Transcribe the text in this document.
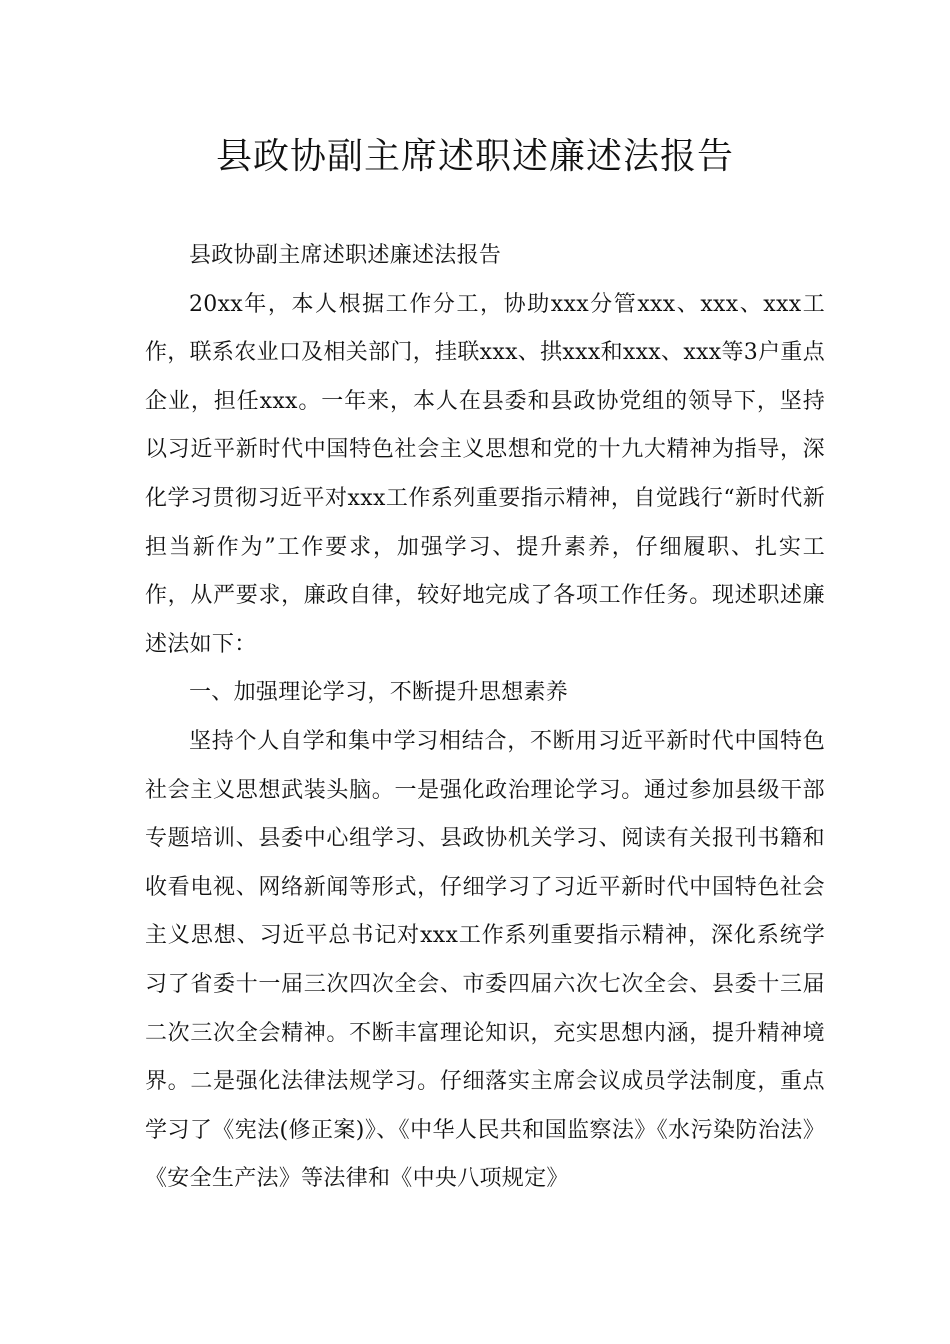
县政协副主席述职述廉述法报告

县政协副主席述职述廉述法报告

20xx年，本人根据工作分工，协助xxx分管xxx、xxx、xxx工作，联系农业口及相关部门，挂联xxx、拱xxx和xxx、xxx等3户重点企业，担任xxx。一年来，本人在县委和县政协党组的领导下，坚持以习近平新时代中国特色社会主义思想和党的十九大精神为指导，深化学习贯彻习近平对xxx工作系列重要指示精神，自觉践行“新时代新担当新作为”工作要求，加强学习、提升素养，仔细履职、扎实工作，从严要求，廉政自律，较好地完成了各项工作任务。现述职述廉述法如下：

一、加强理论学习，不断提升思想素养

坚持个人自学和集中学习相结合，不断用习近平新时代中国特色社会主义思想武装头脑。一是强化政治理论学习。通过参加县级干部专题培训、县委中心组学习、县政协机关学习、阅读有关报刊书籍和收看电视、网络新闻等形式，仔细学习了习近平新时代中国特色社会主义思想、习近平总书记对xxx工作系列重要指示精神，深化系统学习了省委十一届三次四次全会、市委四届六次七次全会、县委十三届二次三次全会精神。不断丰富理论知识，充实思想内涵，提升精神境界。二是强化法律法规学习。仔细落实主席会议成员学法制度，重点学习了《宪法(修正案)》、《中华人民共和国监察法》《水污染防治法》《安全生产法》等法律和《中央八项规定》
